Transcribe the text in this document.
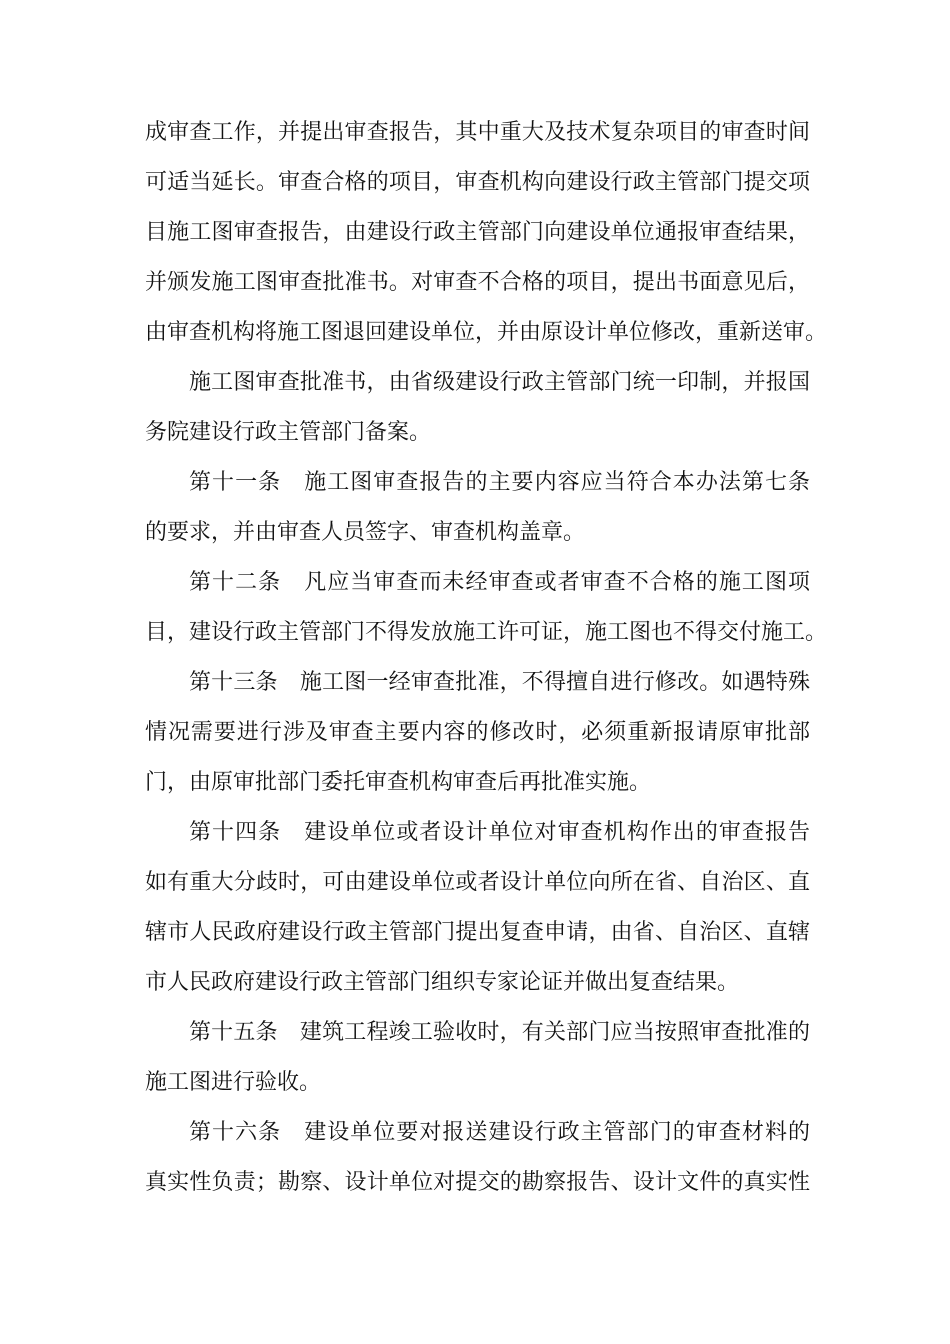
成审查工作，并提出审查报告，其中重大及技术复杂项目的审查时间
可适当延长。审查合格的项目，审查机构向建设行政主管部门提交项
目施工图审查报告，由建设行政主管部门向建设单位通报审查结果，
并颁发施工图审查批准书。对审查不合格的项目，提出书面意见后，
由审查机构将施工图退回建设单位，并由原设计单位修改，重新送审。
施工图审查批准书，由省级建设行政主管部门统一印制，并报国
务院建设行政主管部门备案。
第十一条　施工图审查报告的主要内容应当符合本办法第七条
的要求，并由审查人员签字、审查机构盖章。
第十二条　凡应当审查而未经审查或者审查不合格的施工图项
目，建设行政主管部门不得发放施工许可证，施工图也不得交付施工。
第十三条　施工图一经审查批准，不得擅自进行修改。如遇特殊
情况需要进行涉及审查主要内容的修改时，必须重新报请原审批部
门，由原审批部门委托审查机构审查后再批准实施。
第十四条　建设单位或者设计单位对审查机构作出的审查报告
如有重大分歧时，可由建设单位或者设计单位向所在省、自治区、直
辖市人民政府建设行政主管部门提出复查申请，由省、自治区、直辖
市人民政府建设行政主管部门组织专家论证并做出复查结果。
第十五条　建筑工程竣工验收时，有关部门应当按照审查批准的
施工图进行验收。
第十六条　建设单位要对报送建设行政主管部门的审查材料的
真实性负责；勘察、设计单位对提交的勘察报告、设计文件的真实性
